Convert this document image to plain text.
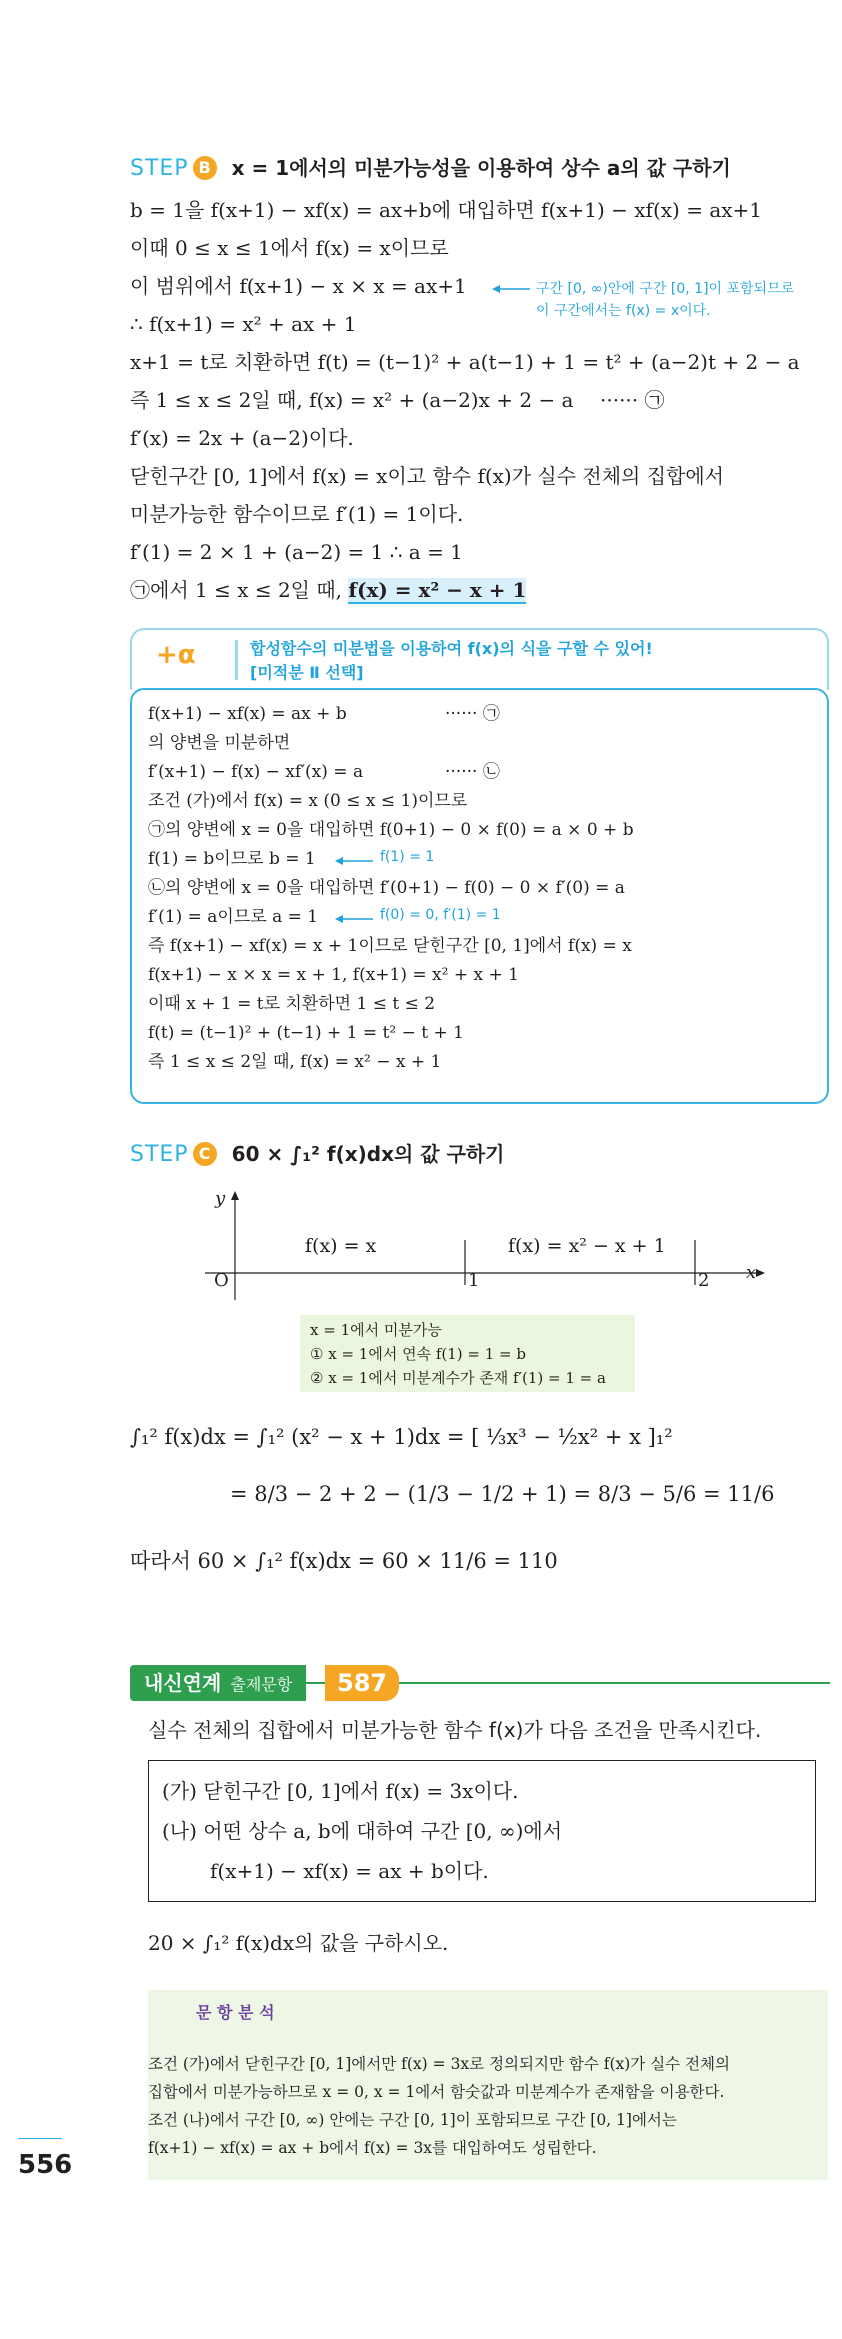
STEP B x = 1에서의 미분가능성을 이용하여 상수 a의 값 구하기
b = 1을 f(x+1) − xf(x) = ax+b에 대입하면 f(x+1) − xf(x) = ax+1
이때 0 ≤ x ≤ 1에서 f(x) = x이므로
이 범위에서 f(x+1) − x × x = ax+1
∴ f(x+1) = x² + ax + 1
x+1 = t로 치환하면 f(t) = (t−1)² + a(t−1) + 1 = t² + (a−2)t + 2 − a
즉 1 ≤ x ≤ 2일 때, f(x) = x² + (a−2)x + 2 − a ······ ㉠
f′(x) = 2x + (a−2)이다.
닫힌구간 [0, 1]에서 f(x) = x이고 함수 f(x)가 실수 전체의 집합에서
미분가능한 함수이므로 f′(1) = 1이다.
f′(1) = 2 × 1 + (a−2) = 1 ∴ a = 1
㉠에서 1 ≤ x ≤ 2일 때, f(x) = x² − x + 1
구간 [0, ∞)안에 구간 [0, 1]이 포함되므로
이 구간에서는 f(x) = x이다.
+α	합성함수의 미분법을 이용하여 f(x)의 식을 구할 수 있어!
[미적분 Ⅱ 선택]
f(x+1) − xf(x) = ax + b	······ ㉠
의 양변을 미분하면
f′(x+1) − f(x) − xf′(x) = a	······ ㉡
조건 (가)에서 f(x) = x (0 ≤ x ≤ 1)이므로
㉠의 양변에 x = 0을 대입하면 f(0+1) − 0 × f(0) = a × 0 + b
f(1) = b이므로 b = 1	f(1) = 1
㉡의 양변에 x = 0을 대입하면 f′(0+1) − f(0) − 0 × f′(0) = a
f′(1) = a이므로 a = 1	f(0) = 0, f′(1) = 1
즉 f(x+1) − xf(x) = x + 1이므로 닫힌구간 [0, 1]에서 f(x) = x
f(x+1) − x × x = x + 1, f(x+1) = x² + x + 1
이때 x + 1 = t로 치환하면 1 ≤ t ≤ 2
f(t) = (t−1)² + (t−1) + 1 = t² − t + 1
즉 1 ≤ x ≤ 2일 때, f(x) = x² − x + 1
STEP C 60 × ∫₁² f(x)dx의 값 구하기
y
x
O	1	2
f(x) = x	f(x) = x² − x + 1
x = 1에서 미분가능
① x = 1에서 연속 f(1) = 1 = b
② x = 1에서 미분계수가 존재 f′(1) = 1 = a
∫₁² f(x)dx = ∫₁² (x² − x + 1)dx = [ ⅓x³ − ½x² + x ]₁²
= 8/3 − 2 + 2 − (1/3 − 1/2 + 1) = 8/3 − 5/6 = 11/6
따라서 60 × ∫₁² f(x)dx = 60 × 11/6 = 110
내신연계 출제문항	587
실수 전체의 집합에서 미분가능한 함수 f(x)가 다음 조건을 만족시킨다.
(가) 닫힌구간 [0, 1]에서 f(x) = 3x이다.
(나) 어떤 상수 a, b에 대하여 구간 [0, ∞)에서
f(x+1) − xf(x) = ax + b이다.
20 × ∫₁² f(x)dx의 값을 구하시오.
문 항 분 석
조건 (가)에서 닫힌구간 [0, 1]에서만 f(x) = 3x로 정의되지만 함수 f(x)가 실수 전체의
집합에서 미분가능하므로 x = 0, x = 1에서 함숫값과 미분계수가 존재함을 이용한다.
조건 (나)에서 구간 [0, ∞) 안에는 구간 [0, 1]이 포함되므로 구간 [0, 1]에서는
f(x+1) − xf(x) = ax + b에서 f(x) = 3x를 대입하여도 성립한다.
556
